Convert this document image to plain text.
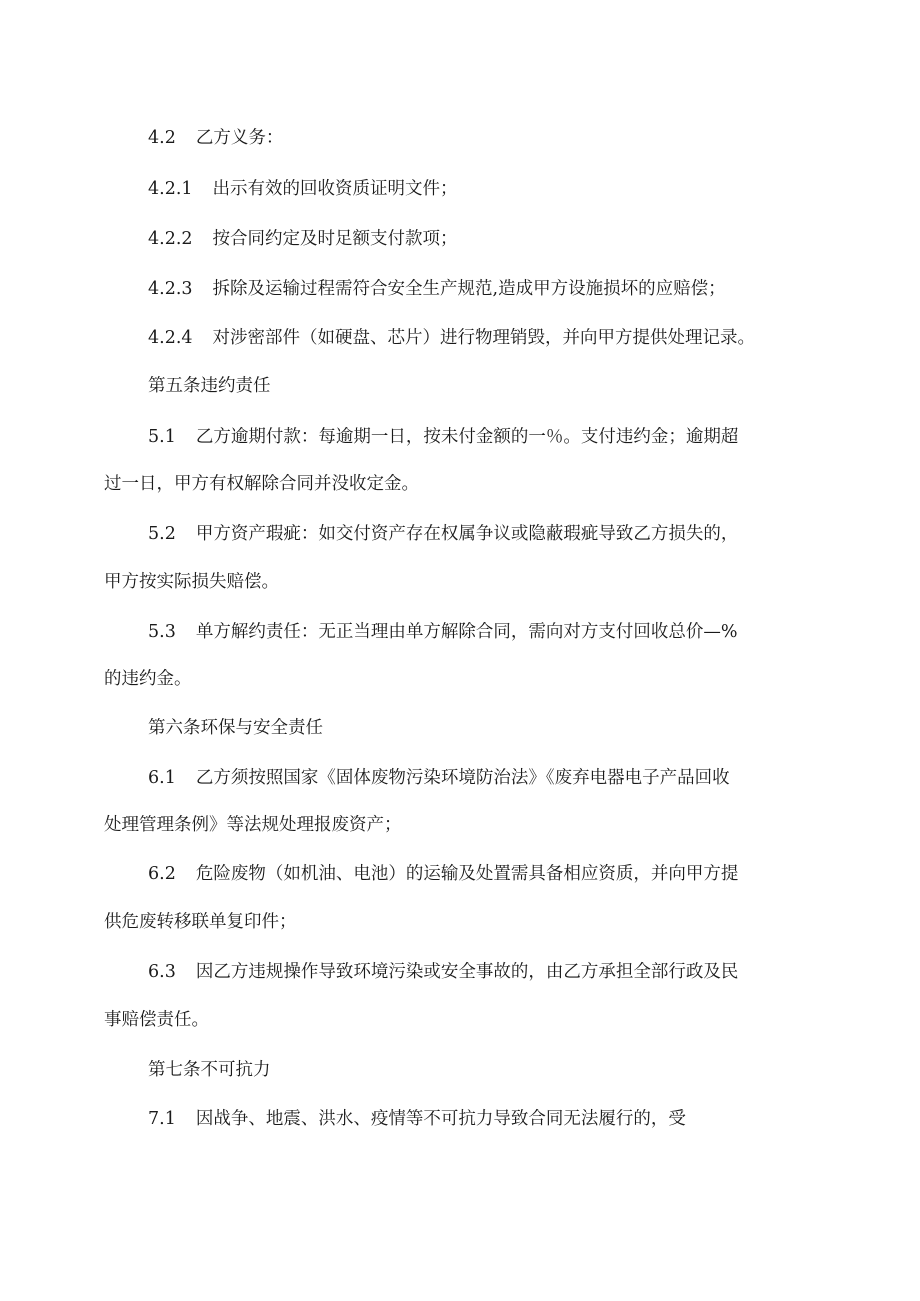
4.2 乙方义务：
4.2.1 出示有效的回收资质证明文件；
4.2.2 按合同约定及时足额支付款项；
4.2.3 拆除及运输过程需符合安全生产规范,造成甲方设施损坏的应赔偿；
4.2.4 对涉密部件（如硬盘、芯片）进行物理销毁，并向甲方提供处理记录。
第五条违约责任
5.1 乙方逾期付款：每逾期一日，按未付金额的一％。支付违约金；逾期超
过一日，甲方有权解除合同并没收定金。
5.2 甲方资产瑕疵：如交付资产存在权属争议或隐蔽瑕疵导致乙方损失的，
甲方按实际损失赔偿。
5.3 单方解约责任：无正当理由单方解除合同，需向对方支付回收总价—%
的违约金。
第六条环保与安全责任
6.1 乙方须按照国家《固体废物污染环境防治法》《废弃电器电子产品回收
处理管理条例》等法规处理报废资产；
6.2 危险废物（如机油、电池）的运输及处置需具备相应资质，并向甲方提
供危废转移联单复印件；
6.3 因乙方违规操作导致环境污染或安全事故的，由乙方承担全部行政及民
事赔偿责任。
第七条不可抗力
7.1 因战争、地震、洪水、疫情等不可抗力导致合同无法履行的，受
